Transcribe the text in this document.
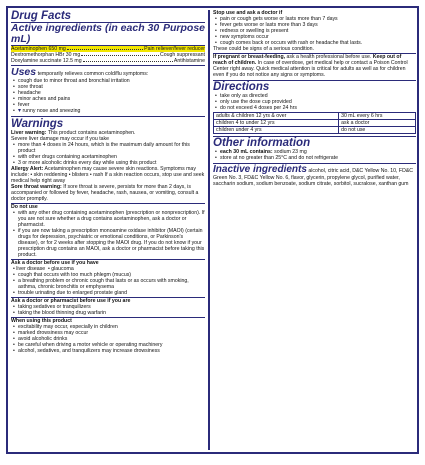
Drug Facts
Active ingredients (in each 30 mL)
Purpose
Acetaminophen 650 mg	Pain reliever/fever reducer
Dextromethorphan HBr 30 mg	Cough suppressant
Doxylamine succinate 12.5 mg	Antihistamine
Uses temporarily relieves common cold/flu symptoms:
• cough due to minor throat and bronchial irritation
• sore throat
• headache
• minor aches and pains
• fever
• ▾ runny nose and sneezing
Warnings
Liver warning: This product contains acetaminophen.
Severe liver damage may occur if you take
• more than 4 doses in 24 hours, which is the maximum daily amount for this product
• with other drugs containing acetaminophen
• 3 or more alcoholic drinks every day while using this product
Allergy Alert: Acetaminophen may cause severe skin reactions. Symptoms may include: • skin reddening • blisters • rash If a skin reaction occurs, stop use and seek medical help right away
Sore throat warning: If sore throat is severe, persists for more than 2 days, is accompanied or followed by fever, headache, rash, nausea, or vomiting, consult a doctor promptly.
Do not use
• with any other drug containing acetaminophen (prescription or nonprescription). If you are not sure whether a drug contains acetaminophen, ask a doctor or pharmacist.
• if you are now taking a prescription monoamine oxidase inhibitor (MAOI) (certain drugs for depression, psychiatric or emotional conditions, or Parkinson's disease), or for 2 weeks after stopping the MAOI drug. If you do not know if your prescription drug contains an MAOI, ask a doctor or pharmacist before taking this product.
Ask a doctor before use if you have
• liver disease  • glaucoma
• cough that occurs with too much phlegm (mucus)
• a breathing problem or chronic cough that lasts or as occurs with smoking, asthma, chronic bronchitis or emphysema
• trouble urinating due to enlarged prostate gland
Ask a doctor or pharmacist before use if you are
• taking sedatives or tranquilizers
• taking the blood thinning drug warfarin
When using this product
• excitability may occur, especially in children
• marked drowsiness may occur
• avoid alcoholic drinks
• be careful when driving a motor vehicle or operating machinery
• alcohol, sedatives, and tranquilizers may increase drowsiness
Stop use and ask a doctor if
• pain or cough gets worse or lasts more than 7 days
• fever gets worse or lasts more than 3 days
• redness or swelling is present
• new symptoms occur
• cough comes back or occurs with rash or headache that lasts.
These could be signs of a serious condition.
If pregnant or breast-feeding, ask a health professional before use. Keep out of reach of children. In case of overdose, get medical help or contact a Poison Control Center right away. Quick medical attention is critical for adults as well as for children even if you do not notice any signs or symptoms.
Directions
• take only as directed
• only use the dose cup provided
• do not exceed 4 doses per 24 hrs
adults & children 12 yrs & over	30 mL every 6 hrs
children 4 to under 12 yrs	ask a doctor
children under 4 yrs	do not use
Other information
• each 30 mL contains: sodium 23 mg
• store at no greater than 25°C and do not refrigerate
Inactive ingredients alcohol, citric acid, D&C Yellow No. 10, FD&C Green No. 3, FD&C Yellow No. 6, flavor, glycerin, propylene glycol, purified water, saccharin sodium, sodium benzoate, sodium citrate, sorbitol, sucralose, xanthan gum
